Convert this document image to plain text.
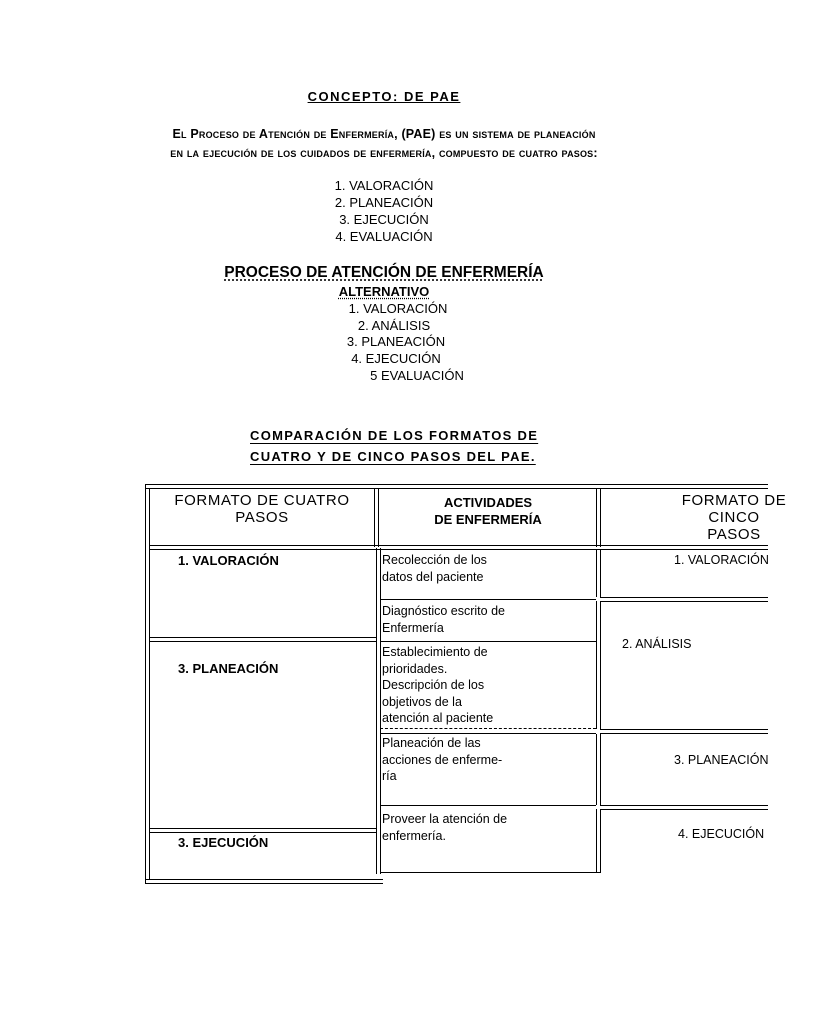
CONCEPTO: DE PAE
El Proceso de Atención de Enfermería, (PAE) es un sistema de planeación
en la ejecución de los cuidados de enfermería, compuesto de cuatro pasos:
1. VALORACIÓN
2. PLANEACIÓN
3. EJECUCIÓN
4. EVALUACIÓN
PROCESO DE ATENCIÓN DE ENFERMERÍA
ALTERNATIVO
1. VALORACIÓN
2. ANÁLISIS
3. PLANEACIÓN
4. EJECUCIÓN
5 EVALUACIÓN
COMPARACIÓN DE LOS FORMATOS DE
CUATRO Y DE CINCO PASOS DEL PAE.
FORMATO DE CUATRO
PASOS
ACTIVIDADES
DE ENFERMERÍA
FORMATO DE
CINCO
PASOS
1. VALORACIÓN
3. PLANEACIÓN
3. EJECUCIÓN
Recolección de los
datos del paciente
Diagnóstico escrito de
Enfermería
Establecimiento de
prioridades.
Descripción de los
objetivos de la
atención al paciente
Planeación de las
acciones de enferme-
ría
Proveer la atención de
enfermería.
1. VALORACIÓN
2. ANÁLISIS
3. PLANEACIÓN
4. EJECUCIÓN
